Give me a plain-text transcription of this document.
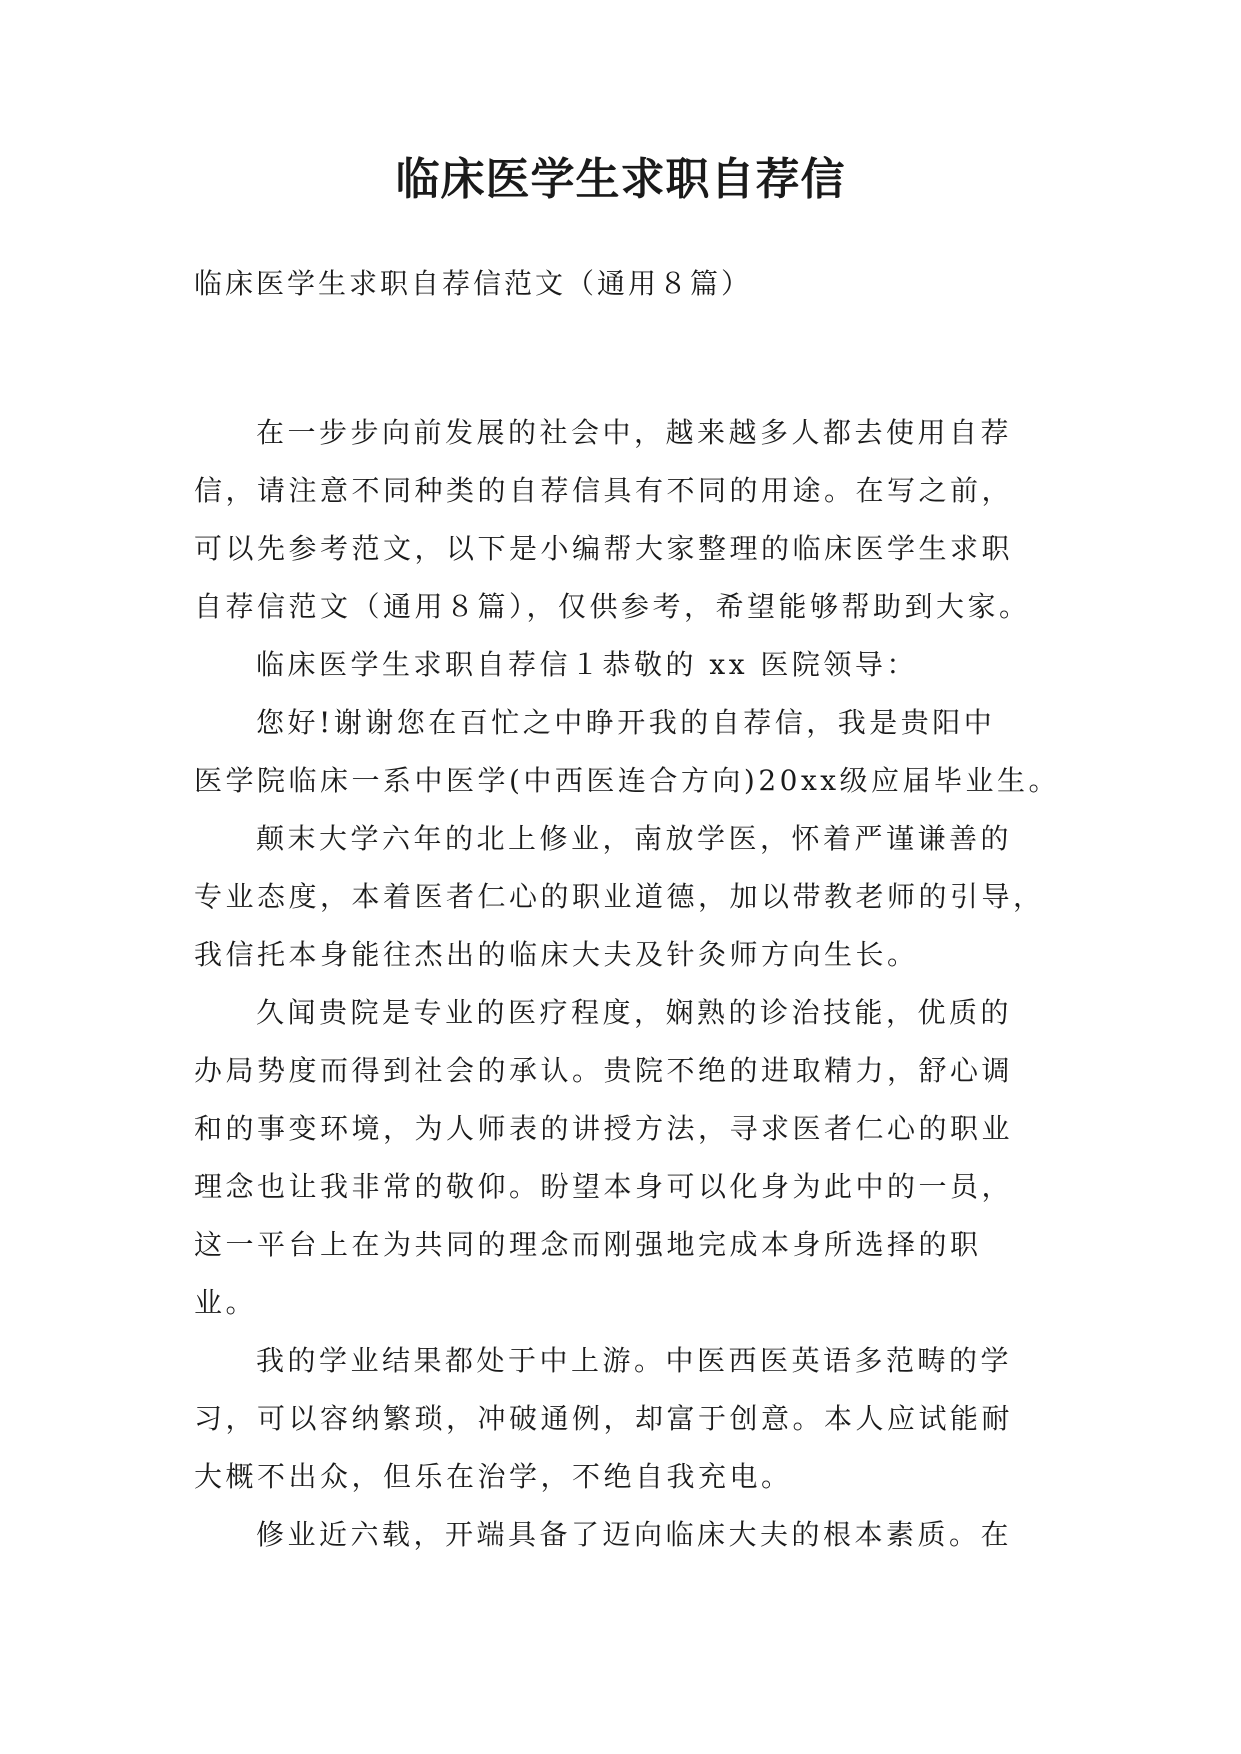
临床医学生求职自荐信

临床医学生求职自荐信范文（通用８篇）

在一步步向前发展的社会中，越来越多人都去使用自荐
信，请注意不同种类的自荐信具有不同的用途。在写之前，
可以先参考范文，以下是小编帮大家整理的临床医学生求职
自荐信范文（通用８篇），仅供参考，希望能够帮助到大家。

临床医学生求职自荐信１恭敬的 xx 医院领导：

您好!谢谢您在百忙之中睁开我的自荐信，我是贵阳中
医学院临床一系中医学(中西医连合方向)20xx级应届毕业生。

颠末大学六年的北上修业，南放学医，怀着严谨谦善的
专业态度，本着医者仁心的职业道德，加以带教老师的引导，
我信托本身能往杰出的临床大夫及针灸师方向生长。

久闻贵院是专业的医疗程度，娴熟的诊治技能，优质的
办局势度而得到社会的承认。贵院不绝的进取精力，舒心调
和的事变环境，为人师表的讲授方法，寻求医者仁心的职业
理念也让我非常的敬仰。盼望本身可以化身为此中的一员，
这一平台上在为共同的理念而刚强地完成本身所选择的职
业。

我的学业结果都处于中上游。中医西医英语多范畴的学
习，可以容纳繁琐，冲破通例，却富于创意。本人应试能耐
大概不出众，但乐在治学，不绝自我充电。

修业近六载，开端具备了迈向临床大夫的根本素质。在
